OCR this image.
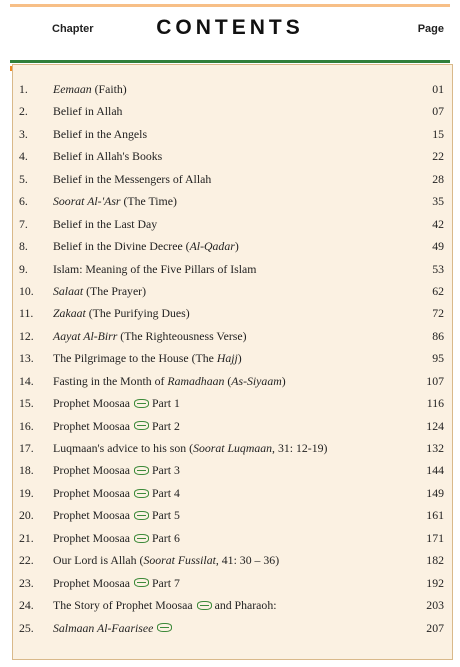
Chapter	CONTENTS	Page
1. Eemaan (Faith)	01
2. Belief in Allah	07
3. Belief in the Angels	15
4. Belief in Allah's Books	22
5. Belief in the Messengers of Allah	28
6. Soorat Al-'Asr (The Time)	35
7. Belief in the Last Day	42
8. Belief in the Divine Decree (Al-Qadar)	49
9. Islam: Meaning of the Five Pillars of Islam	53
10. Salaat (The Prayer)	62
11. Zakaat (The Purifying Dues)	72
12. Aayat Al-Birr (The Righteousness Verse)	86
13. The Pilgrimage to the House (The Hajj)	95
14. Fasting in the Month of Ramadhaan (As-Siyaam)	107
15. Prophet Moosaa Part 1	116
16. Prophet Moosaa Part 2	124
17. Luqmaan's advice to his son (Soorat Luqmaan, 31: 12-19)	132
18. Prophet Moosaa Part 3	144
19. Prophet Moosaa Part 4	149
20. Prophet Moosaa Part 5	161
21. Prophet Moosaa Part 6	171
22. Our Lord is Allah (Soorat Fussilat, 41: 30 – 36)	182
23. Prophet Moosaa Part 7	192
24. The Story of Prophet Moosaa and Pharaoh:	203
25. Salmaan Al-Faarisee	207
